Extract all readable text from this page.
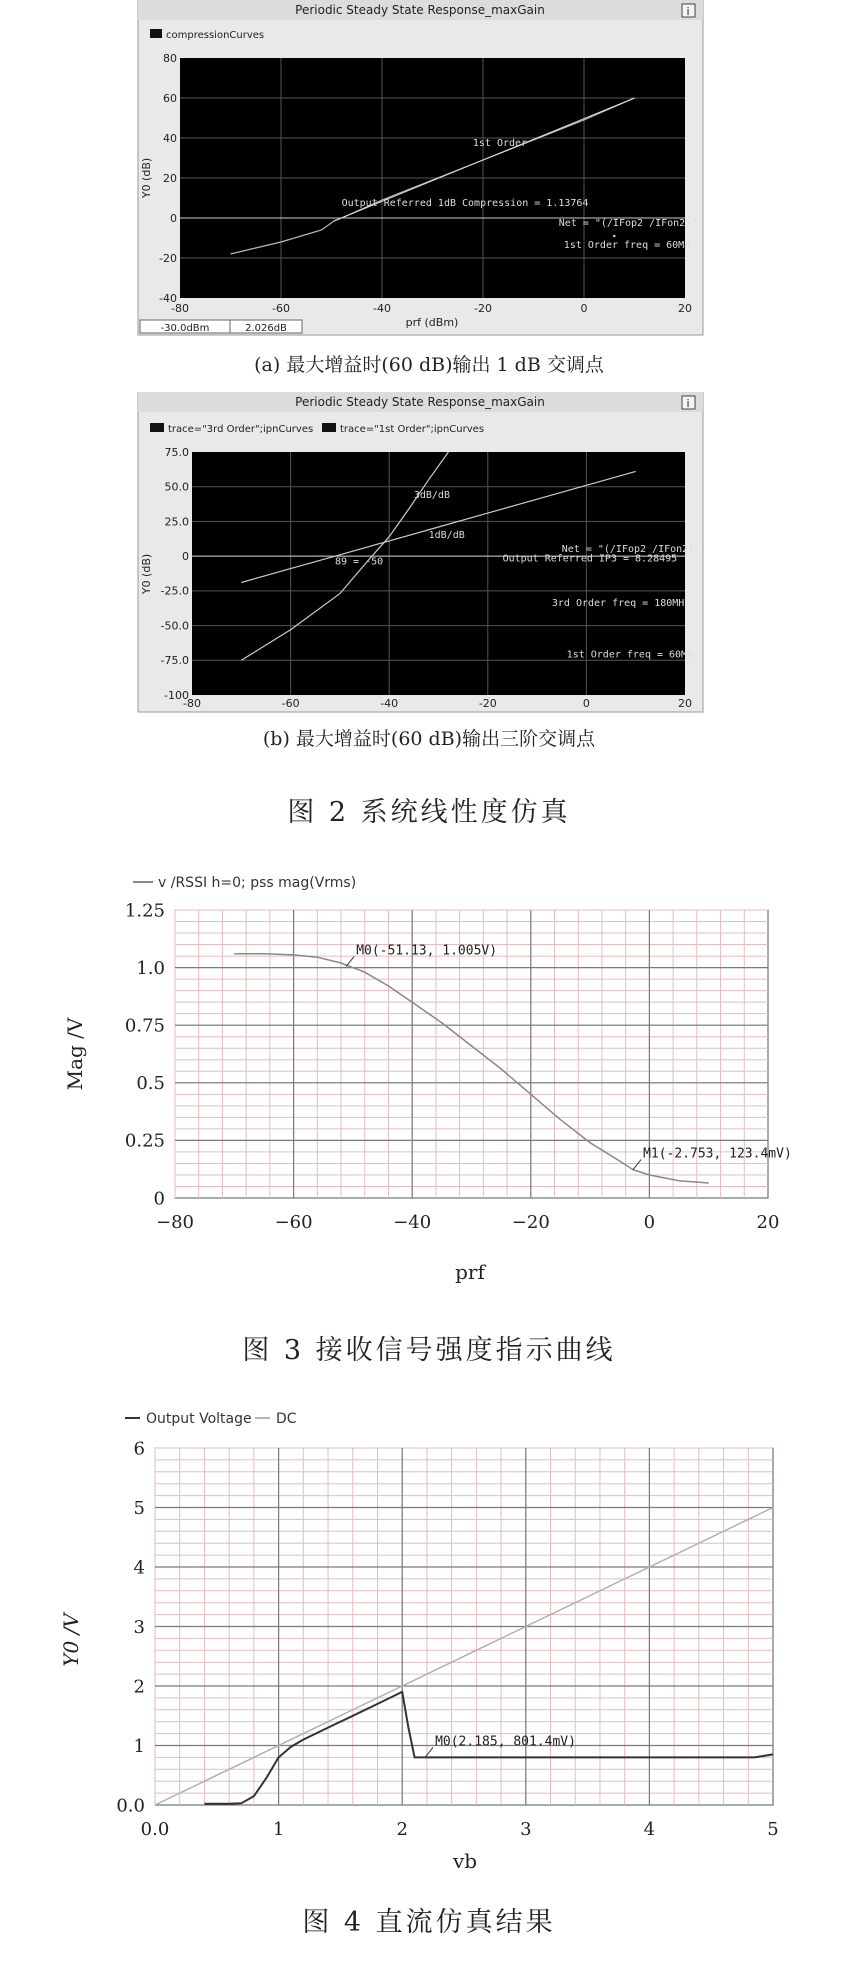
Periodic Steady State Response_maxGain	i
compressionCurves
-80	-60	-40	-20	0	20
80
60
40
20
0
-20
-40
1st Order
Output Referred 1dB Compression = 1.13764
Net = "(/IFop2 /IFon2)"
1st Order freq = 60MH
prf (dBm)
Y0 (dB)
-30.0dBm	2.026dB
(a) 最大增益时(60 dB)输出 1 dB 交调点
Periodic Steady State Response_maxGain	i
trace="3rd Order";ipnCurves	trace="1st Order";ipnCurves
-80	-60	-40	-20	0	20
75.0
50.0
25.0
0
-25.0
-50.0
-75.0
-100
3dB/dB
1dB/dB
89 = -50
Net = "(/IFop2 /IFon2)"
Output Referred IP3 = 8.28495
3rd Order freq = 180MH
1st Order freq = 60MH
Y0 (dB)
(b) 最大增益时(60 dB)输出三阶交调点
图 2 系统线性度仿真
v /RSSI h=0; pss mag(Vrms)
−80	−60	−40	−20	0	20
1.25
1.0
0.75
0.5
0.25
0
M0(-51.13, 1.005V)
M1(-2.753, 123.4mV)
prf
Mag /V
图 3 接收信号强度指示曲线
Output Voltage DC
0.0	1	2	3	4	5
6
5
4
3
2
1
0.0
M0(2.185, 801.4mV)
vb
Y0 /V
图 4 直流仿真结果
